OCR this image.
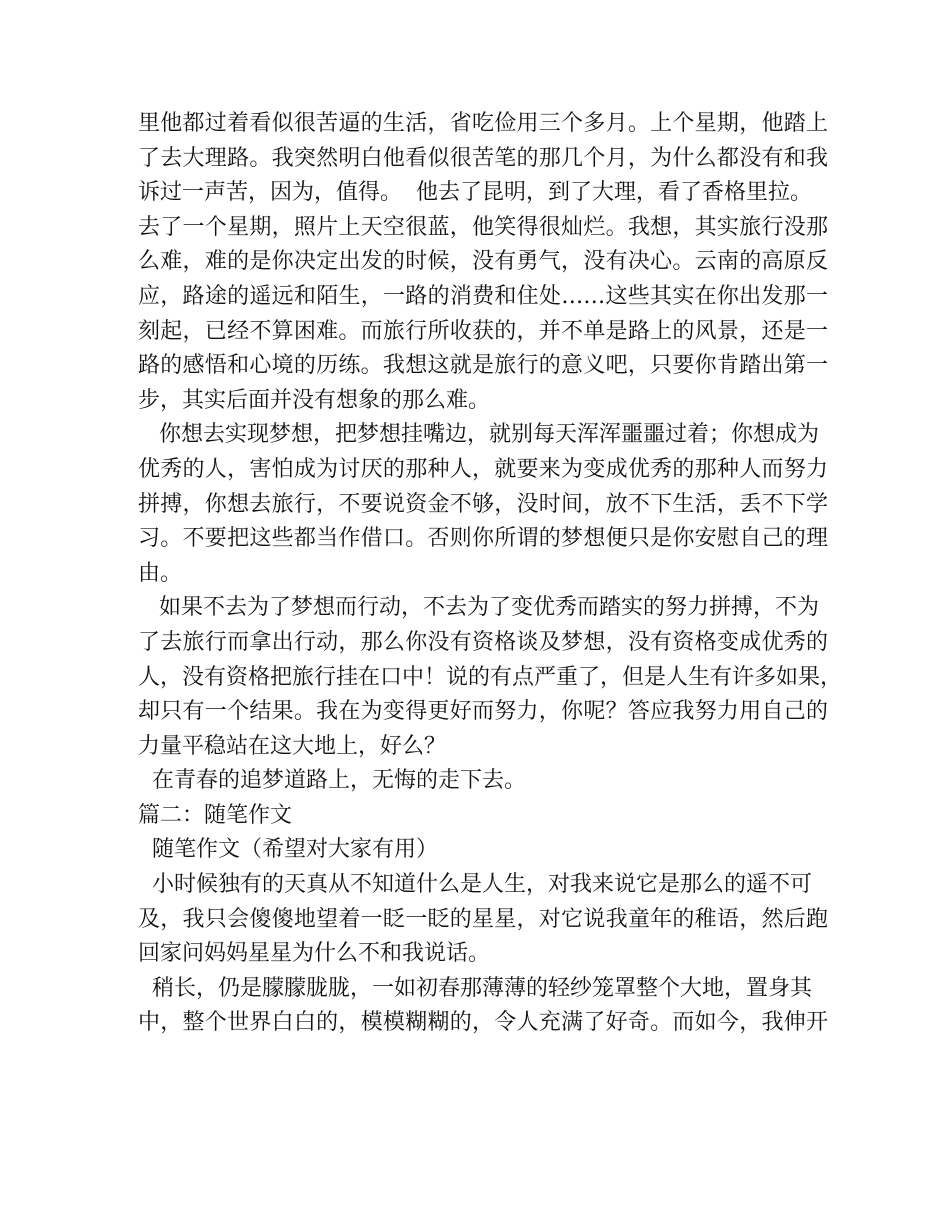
里他都过着看似很苦逼的生活，省吃俭用三个多月。上个星期，他踏上
了去大理路。我突然明白他看似很苦笔的那几个月，为什么都没有和我
诉过一声苦，因为，值得。  他去了昆明，到了大理，看了香格里拉。
去了一个星期，照片上天空很蓝，他笑得很灿烂。我想，其实旅行没那
么难，难的是你决定出发的时候，没有勇气，没有决心。云南的高原反
应，路途的遥远和陌生，一路的消费和住处……这些其实在你出发那一
刻起，已经不算困难。而旅行所收获的，并不单是路上的风景，还是一
路的感悟和心境的历练。我想这就是旅行的意义吧，只要你肯踏出第一
步，其实后面并没有想象的那么难。
你想去实现梦想，把梦想挂嘴边，就别每天浑浑噩噩过着；你想成为
优秀的人，害怕成为讨厌的那种人，就要来为变成优秀的那种人而努力
拼搏，你想去旅行，不要说资金不够，没时间，放不下生活，丢不下学
习。不要把这些都当作借口。否则你所谓的梦想便只是你安慰自己的理
由。
如果不去为了梦想而行动，不去为了变优秀而踏实的努力拼搏，不为
了去旅行而拿出行动，那么你没有资格谈及梦想，没有资格变成优秀的
人，没有资格把旅行挂在口中！说的有点严重了，但是人生有许多如果，
却只有一个结果。我在为变得更好而努力，你呢？答应我努力用自己的
力量平稳站在这大地上，好么？
在青春的追梦道路上，无悔的走下去。
篇二：随笔作文
随笔作文（希望对大家有用）
小时候独有的天真从不知道什么是人生，对我来说它是那么的遥不可
及，我只会傻傻地望着一眨一眨的星星，对它说我童年的稚语，然后跑
回家问妈妈星星为什么不和我说话。
稍长，仍是朦朦胧胧，一如初春那薄薄的轻纱笼罩整个大地，置身其
中，整个世界白白的，模模糊糊的，令人充满了好奇。而如今，我伸开
